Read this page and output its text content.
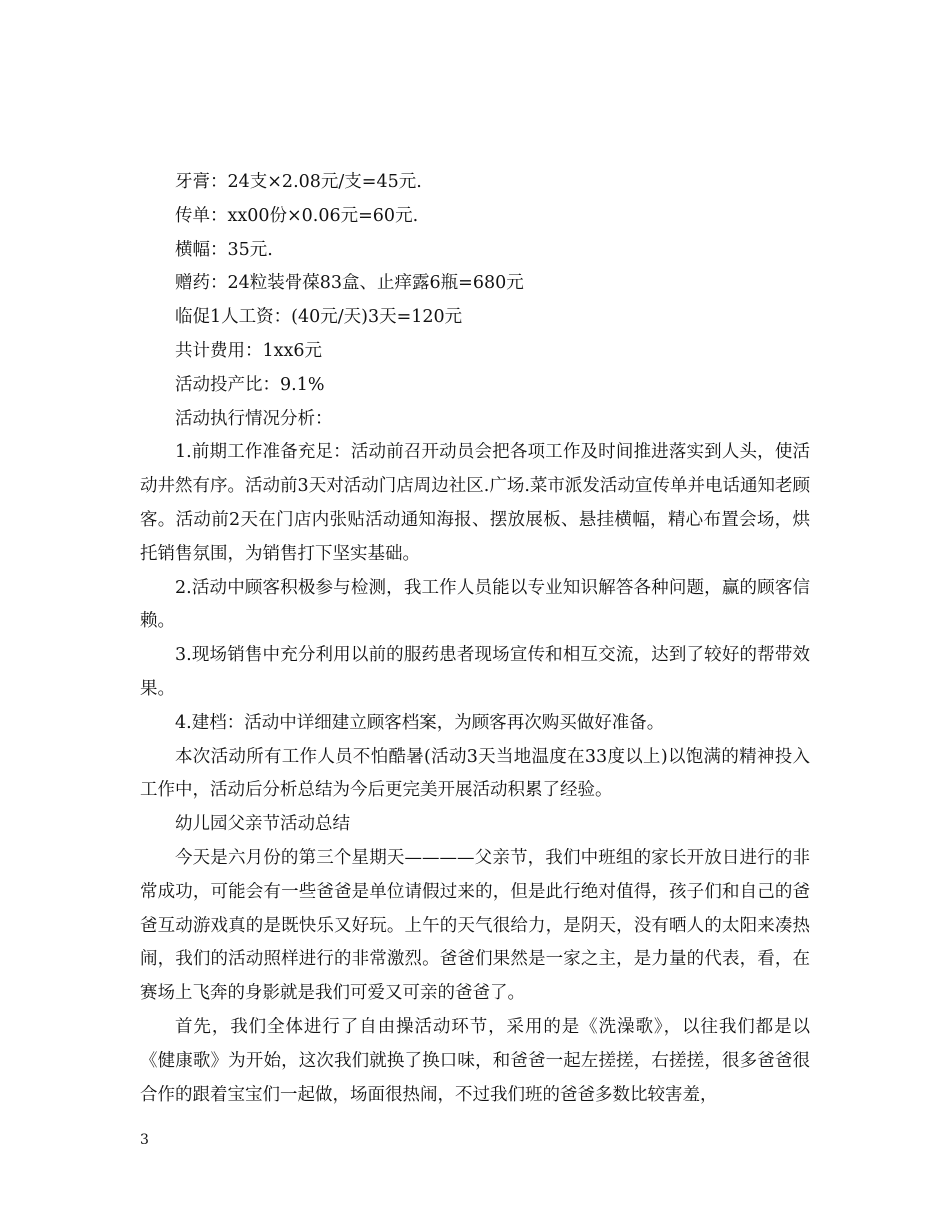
牙膏：24支×2.08元/支=45元.

传单：xx00份×0.06元=60元.

横幅：35元.

赠药：24粒装骨葆83盒、止痒露6瓶=680元

临促1人工资：(40元/天)3天=120元

共计费用：1xx6元

活动投产比：9.1%

活动执行情况分析：

1.前期工作准备充足：活动前召开动员会把各项工作及时间推进落实到人头，使活动井然有序。活动前3天对活动门店周边社区.广场.菜市派发活动宣传单并电话通知老顾客。活动前2天在门店内张贴活动通知海报、摆放展板、悬挂横幅，精心布置会场，烘托销售氛围，为销售打下坚实基础。

2.活动中顾客积极参与检测，我工作人员能以专业知识解答各种问题，赢的顾客信赖。

3.现场销售中充分利用以前的服药患者现场宣传和相互交流，达到了较好的帮带效果。

4.建档：活动中详细建立顾客档案，为顾客再次购买做好准备。

本次活动所有工作人员不怕酷暑(活动3天当地温度在33度以上)以饱满的精神投入工作中，活动后分析总结为今后更完美开展活动积累了经验。

幼儿园父亲节活动总结

今天是六月份的第三个星期天————父亲节，我们中班组的家长开放日进行的非常成功，可能会有一些爸爸是单位请假过来的，但是此行绝对值得，孩子们和自己的爸爸互动游戏真的是既快乐又好玩。上午的天气很给力，是阴天，没有晒人的太阳来凑热闹，我们的活动照样进行的非常激烈。爸爸们果然是一家之主，是力量的代表，看，在赛场上飞奔的身影就是我们可爱又可亲的爸爸了。

首先，我们全体进行了自由操活动环节，采用的是《洗澡歌》，以往我们都是以《健康歌》为开始，这次我们就换了换口味，和爸爸一起左搓搓，右搓搓，很多爸爸很合作的跟着宝宝们一起做，场面很热闹，不过我们班的爸爸多数比较害羞，

3
